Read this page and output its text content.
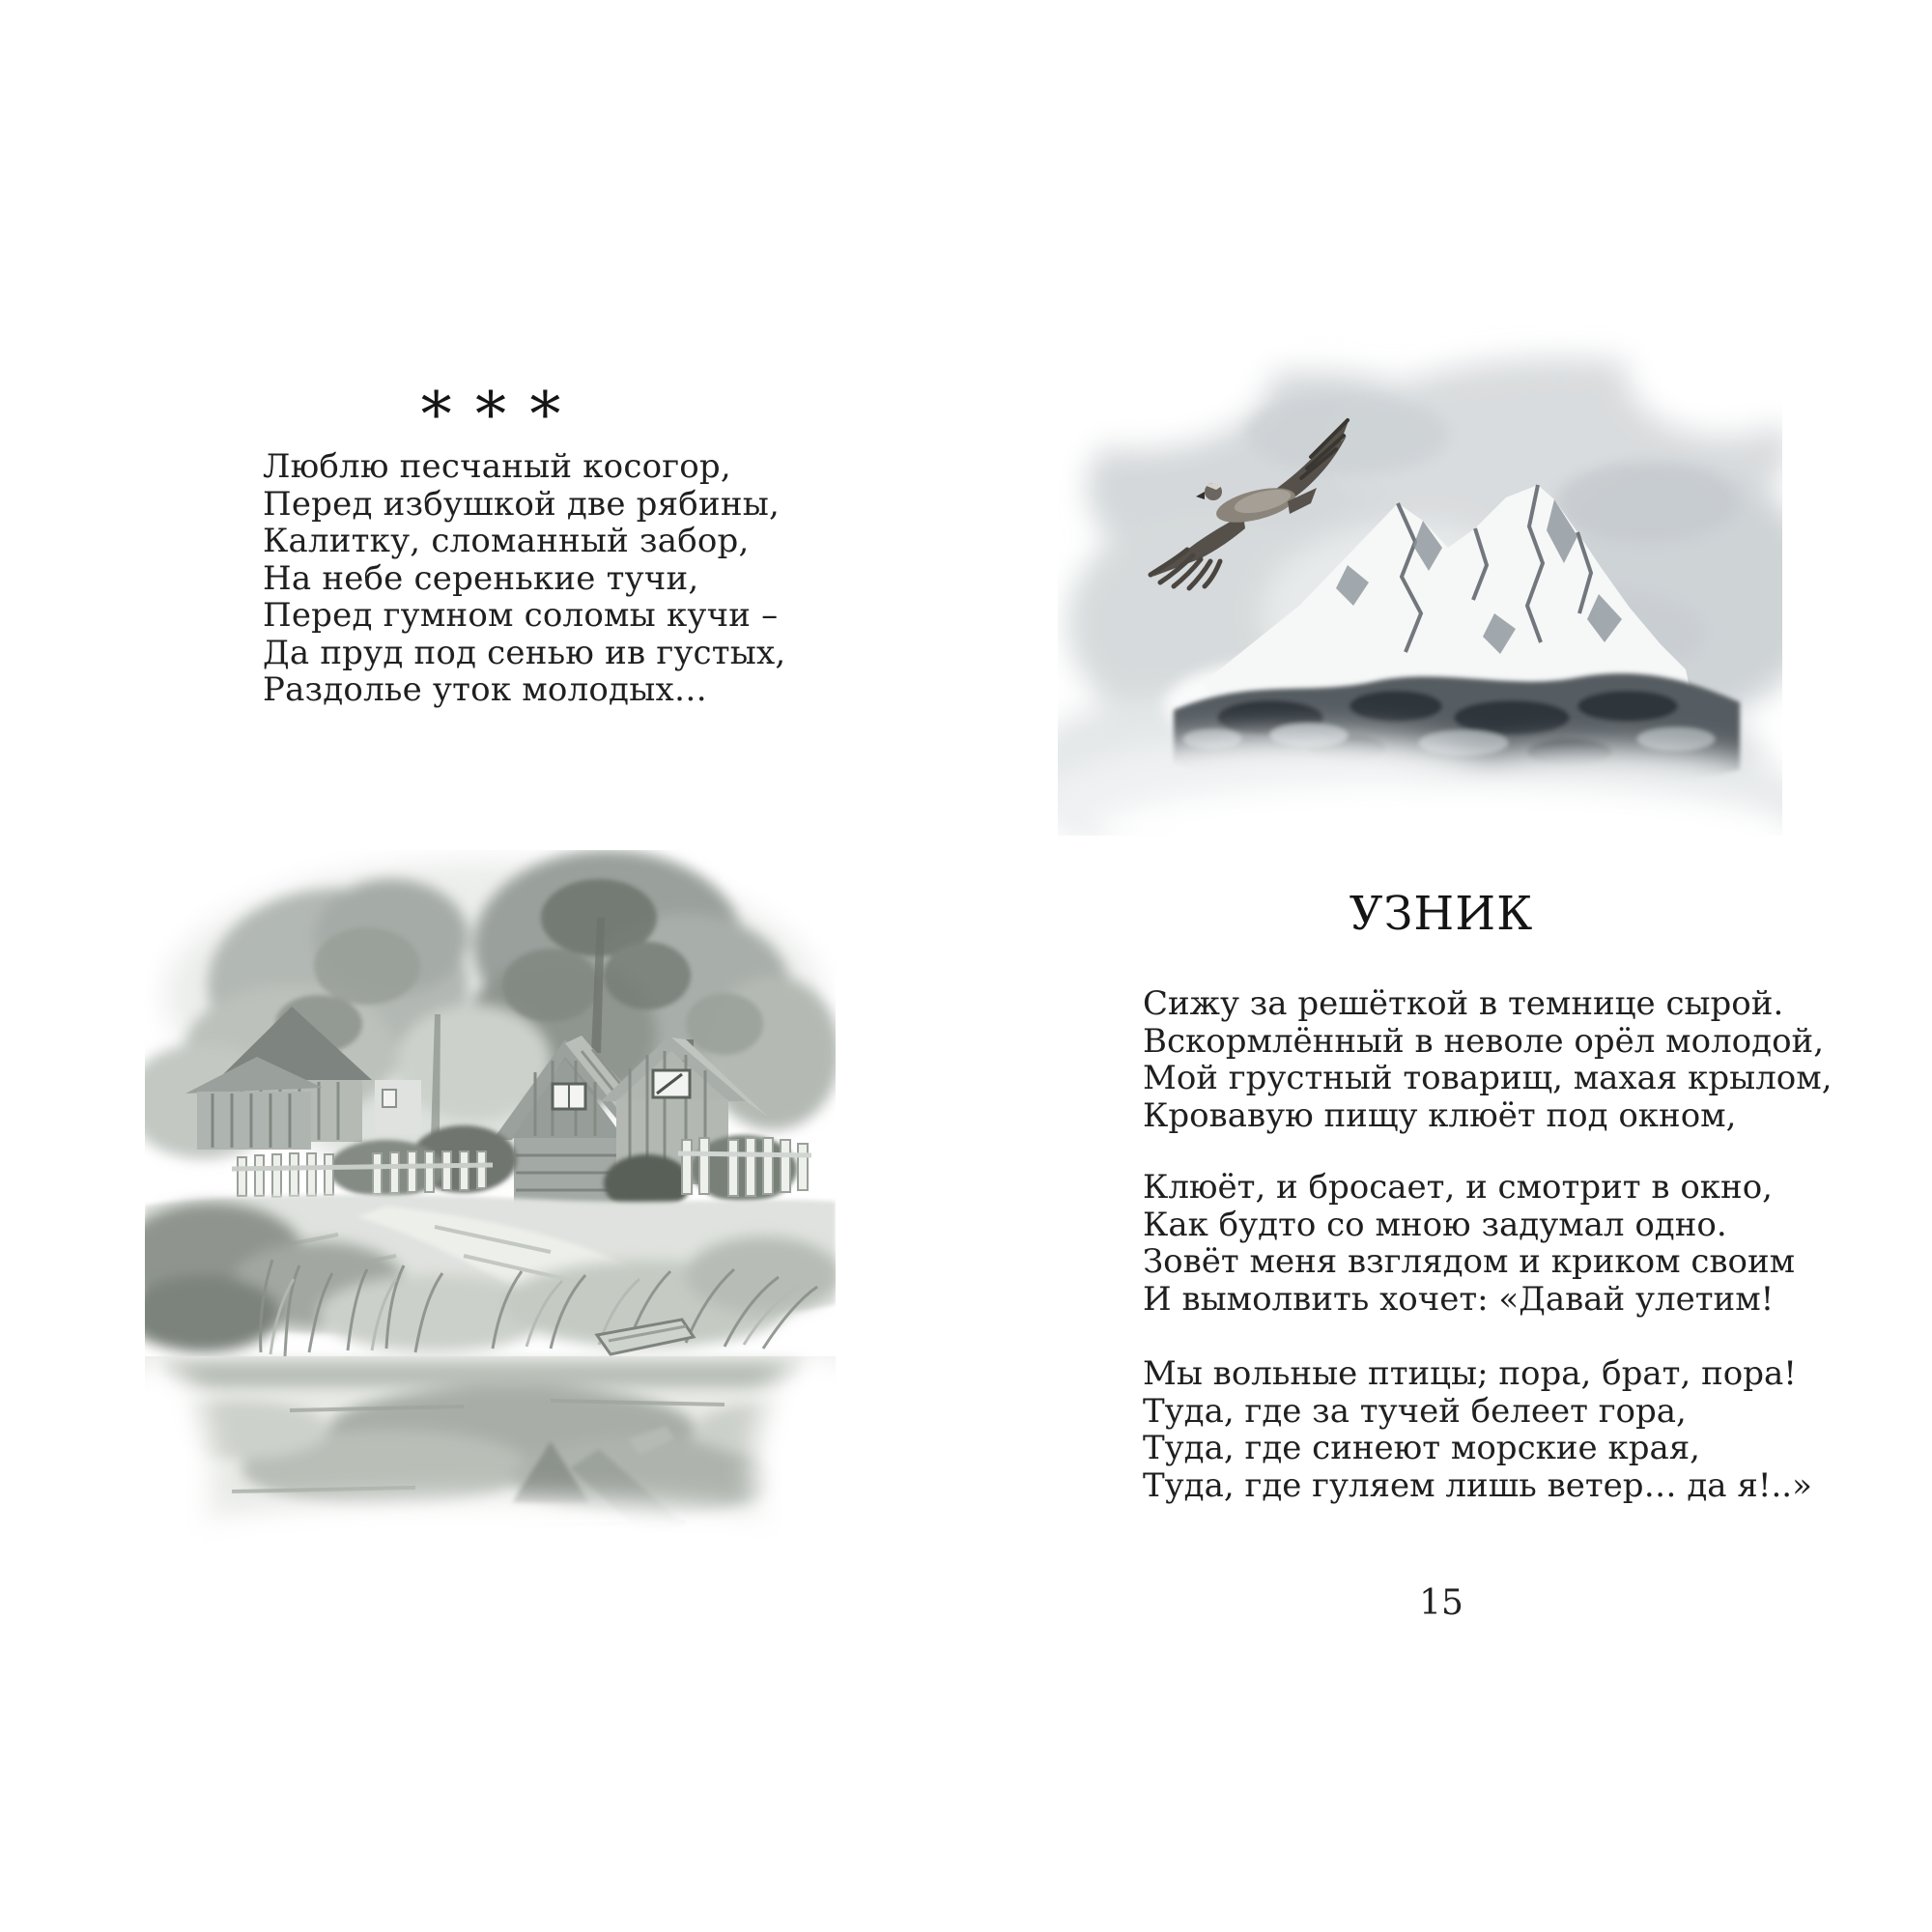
* * *
Люблю песчаный косогор,
Перед избушкой две рябины,
Калитку, сломанный забор,
На небе серенькие тучи,
Перед гумном соломы кучи –
Да пруд под сенью ив густых,
Раздолье уток молодых…
УЗНИК
Сижу за решёткой в темнице сырой.
Вскормлённый в неволе орёл молодой,
Мой грустный товарищ, махая крылом,
Кровавую пищу клюёт под окном,
Клюёт, и бросает, и смотрит в окно,
Как будто со мною задумал одно.
Зовёт меня взглядом и криком своим
И вымолвить хочет: «Давай улетим!
Мы вольные птицы; пора, брат, пора!
Туда, где за тучей белеет гора,
Туда, где синеют морские края,
Туда, где гуляем лишь ветер… да я!..»
15
